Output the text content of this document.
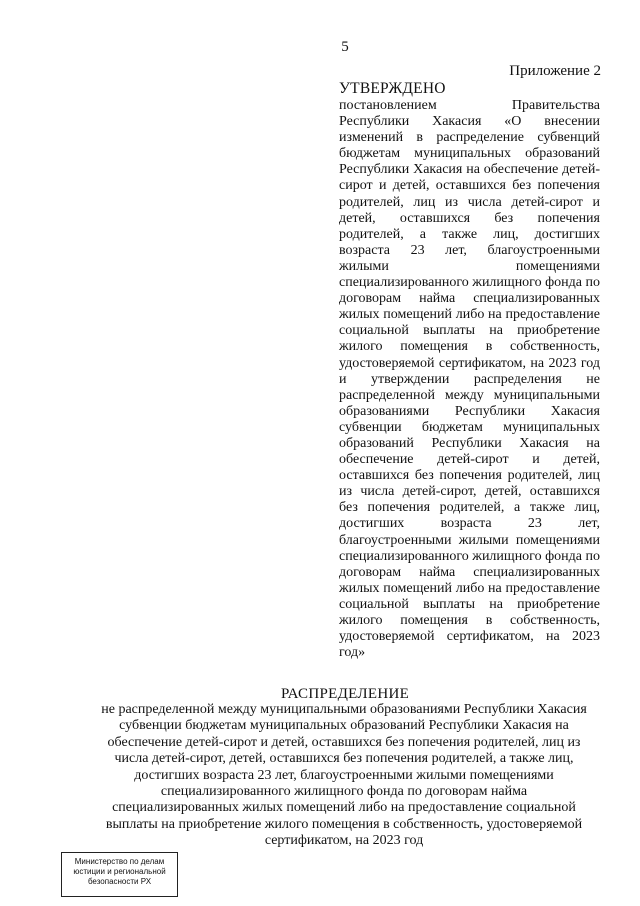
5
Приложение 2
УТВЕРЖДЕНО

постановлением Правительства Республики Хакасия «О внесении изменений в распределение субвенций бюджетам муниципальных образований Республики Хакасия на обеспечение детей-сирот и детей, оставшихся без попечения родителей, лиц из числа детей-сирот и детей, оставшихся без попечения родителей, а также лиц, достигших возраста 23 лет, благоустроенными жилыми помещениями специализированного жилищного фонда по договорам найма специализированных жилых помещений либо на предоставление социальной выплаты на приобретение жилого помещения в собственность, удостоверяемой сертификатом, на 2023 год и утверждении распределения не распределенной между муниципальными образованиями Республики Хакасия субвенции бюджетам муниципальных образований Республики Хакасия на обеспечение детей-сирот и детей, оставшихся без попечения родителей, лиц из числа детей-сирот, детей, оставшихся без попечения родителей, а также лиц, достигших возраста 23 лет, благоустроенными жилыми помещениями специализированного жилищного фонда по договорам найма специализированных жилых помещений либо на предоставление социальной выплаты на приобретение жилого помещения в собственность, удостоверяемой сертификатом, на 2023 год»

РАСПРЕДЕЛЕНИЕ

не распределенной между муниципальными образованиями Республики Хакасия субвенции бюджетам муниципальных образований Республики Хакасия на обеспечение детей-сирот и детей, оставшихся без попечения родителей, лиц из числа детей-сирот, детей, оставшихся без попечения родителей, а также лиц, достигших возраста 23 лет, благоустроенными жилыми помещениями специализированного жилищного фонда по договорам найма специализированных жилых помещений либо на предоставление социальной выплаты на приобретение жилого помещения в собственность, удостоверяемой сертификатом, на 2023 год

Министерство по делам юстиции и региональной безопасности РХ
